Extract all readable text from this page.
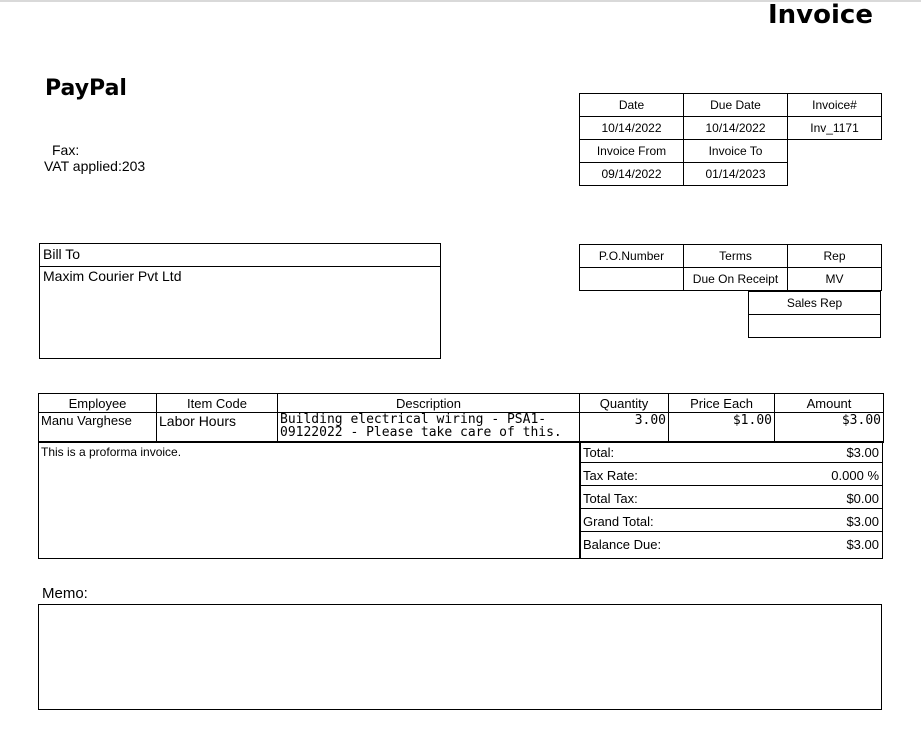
Invoice
PayPal
Fax:
VAT applied:203
Date	Due Date	Invoice#
10/14/2022	10/14/2022	Inv_1171
Invoice From	Invoice To	
09/14/2022	01/14/2023	
Bill To
Maxim Courier Pvt Ltd
P.O.Number	Terms	Rep
	Due On Receipt	MV
Sales Rep

Employee	Item Code	Description	Quantity	Price Each	Amount
Manu Varghese	Labor Hours	Building electrical wiring - PSA1-09122022 - Please take care of this.	3.00	$1.00	$3.00
This is a proforma invoice.	Total:	$3.00
Tax Rate:	0.000 %
Total Tax:	$0.00
Grand Total:	$3.00
Balance Due:	$3.00
Memo:
